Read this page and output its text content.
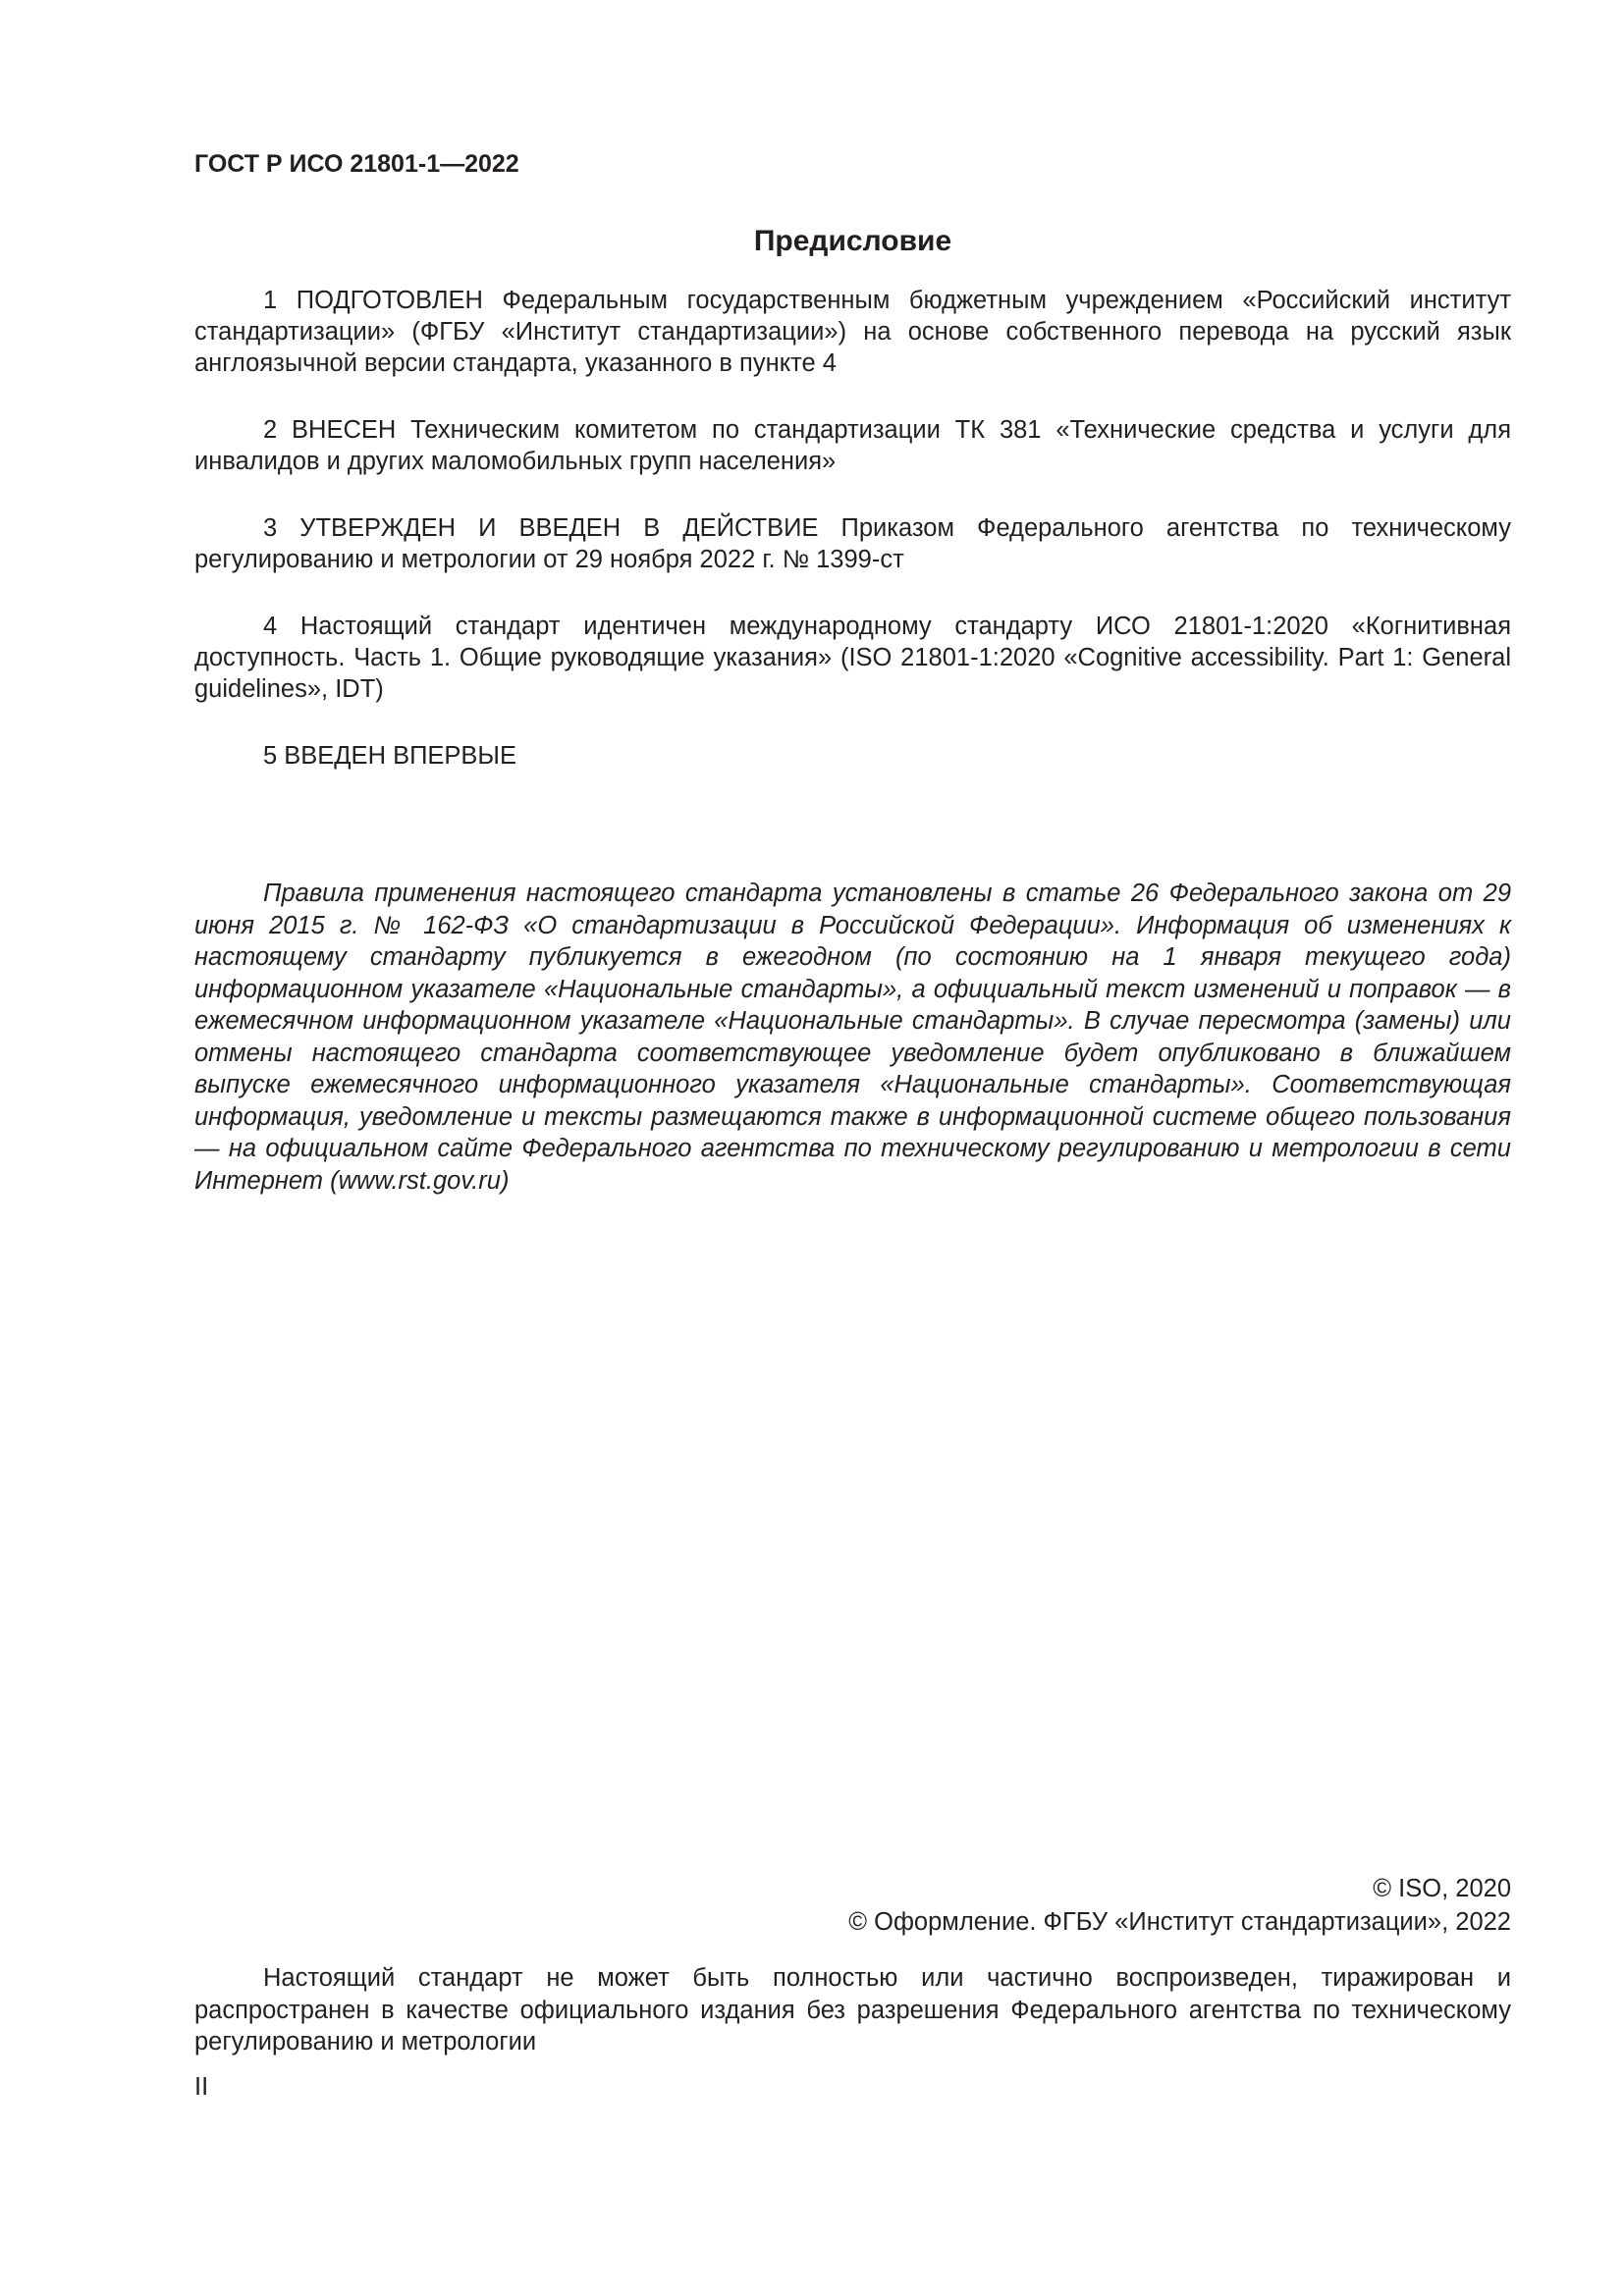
ГОСТ Р ИСО 21801-1—2022
Предисловие

1 ПОДГОТОВЛЕН Федеральным государственным бюджетным учреждением «Российский институт стандартизации» (ФГБУ «Институт стандартизации») на основе собственного перевода на русский язык англоязычной версии стандарта, указанного в пункте 4

2 ВНЕСЕН Техническим комитетом по стандартизации ТК 381 «Технические средства и услуги для инвалидов и других маломобильных групп населения»

3 УТВЕРЖДЕН И ВВЕДЕН В ДЕЙСТВИЕ Приказом Федерального агентства по техническому регулированию и метрологии от 29 ноября 2022 г. № 1399-ст

4 Настоящий стандарт идентичен международному стандарту ИСО 21801-1:2020 «Когнитивная доступность. Часть 1. Общие руководящие указания» (ISO 21801-1:2020 «Cognitive accessibility. Part 1: General guidelines», IDT)

5 ВВЕДЕН ВПЕРВЫЕ

Правила применения настоящего стандарта установлены в статье 26 Федерального закона от 29 июня 2015 г. № 162-ФЗ «О стандартизации в Российской Федерации». Информация об изменениях к настоящему стандарту публикуется в ежегодном (по состоянию на 1 января текущего года) информационном указателе «Национальные стандарты», а официальный текст изменений и поправок — в ежемесячном информационном указателе «Национальные стандарты». В случае пересмотра (замены) или отмены настоящего стандарта соответствующее уведомление будет опубликовано в ближайшем выпуске ежемесячного информационного указателя «Национальные стандарты». Соответствующая информация, уведомление и тексты размещаются также в информационной системе общего пользования — на официальном сайте Федерального агентства по техническому регулированию и метрологии в сети Интернет (www.rst.gov.ru)

© ISO, 2020
© Оформление. ФГБУ «Институт стандартизации», 2022

Настоящий стандарт не может быть полностью или частично воспроизведен, тиражирован и распространен в качестве официального издания без разрешения Федерального агентства по техническому регулированию и метрологии

II
